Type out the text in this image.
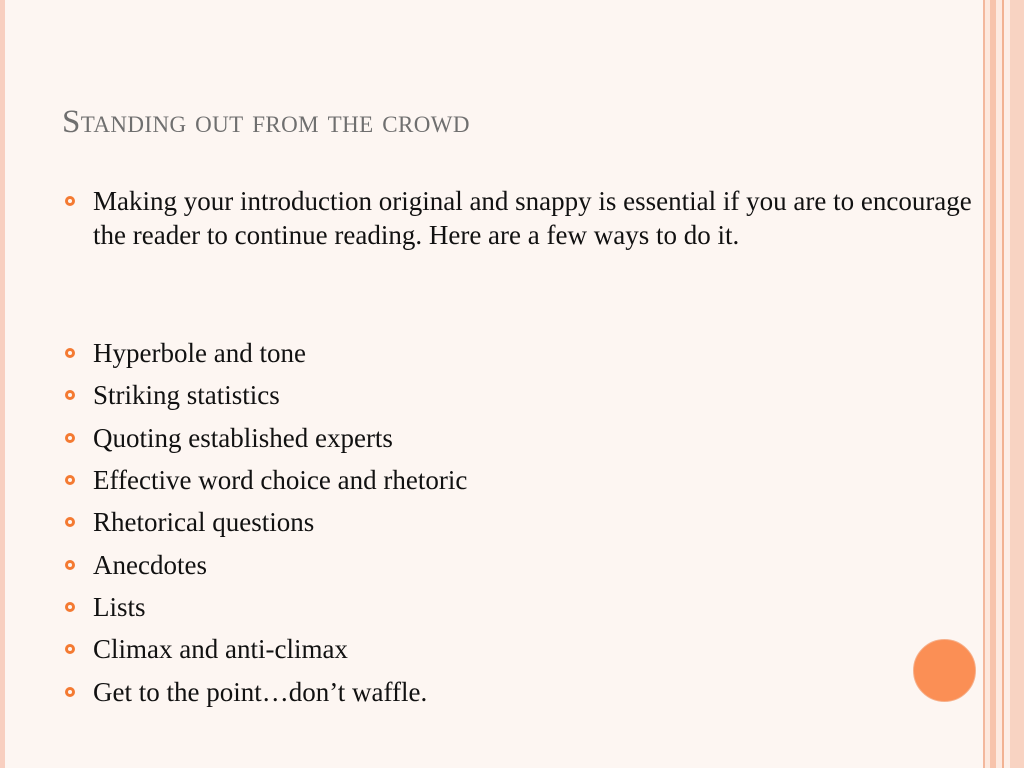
Standing out from the crowd

Making your introduction original and snappy is essential if you are to encourage the reader to continue reading. Here are a few ways to do it.

Hyperbole and tone

Striking statistics

Quoting established experts

Effective word choice and rhetoric

Rhetorical questions

Anecdotes

Lists

Climax and anti-climax

Get to the point…don’t waffle.
